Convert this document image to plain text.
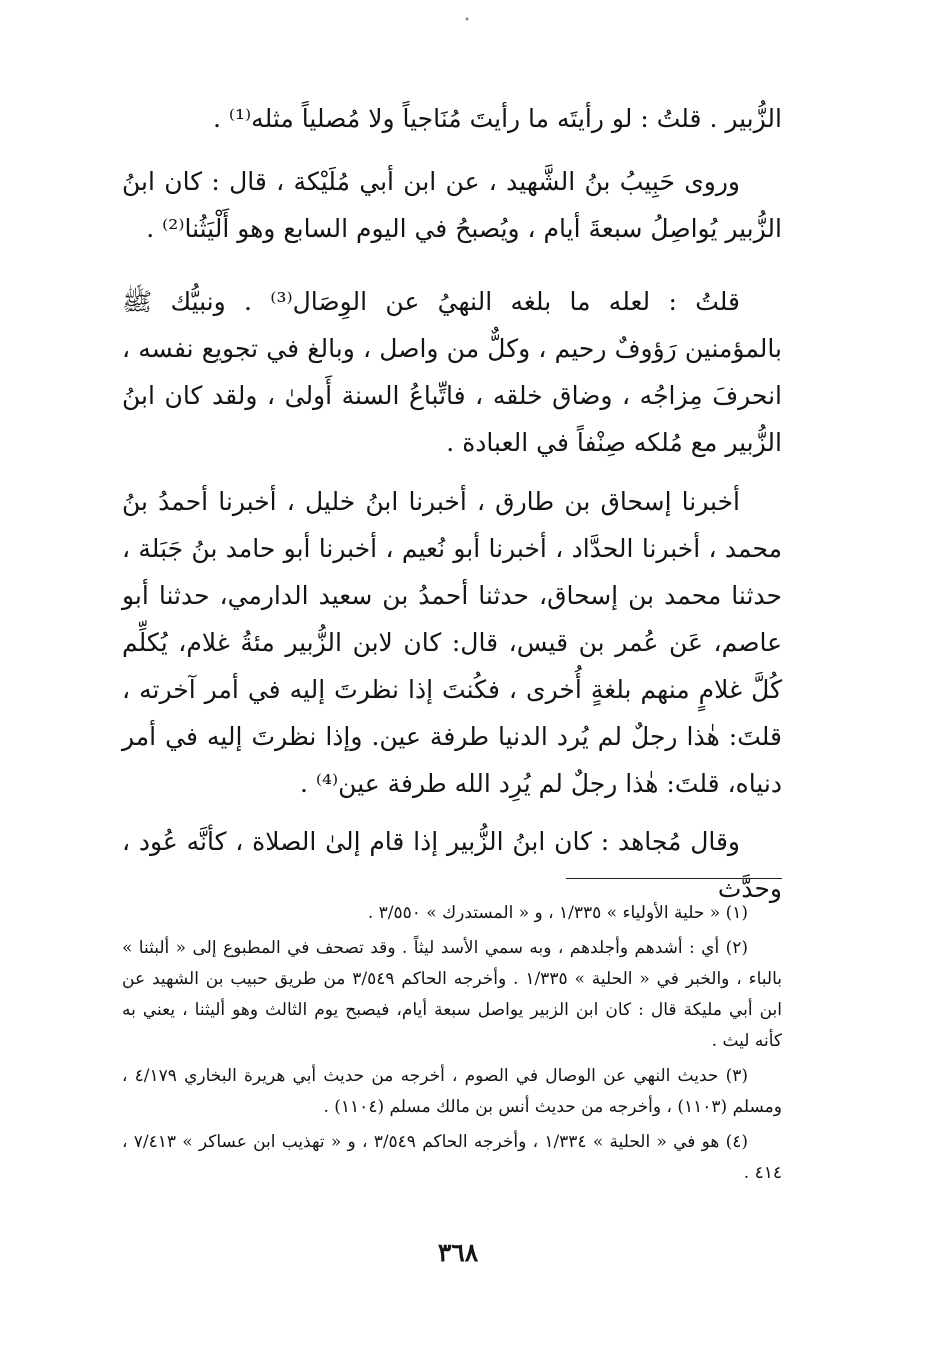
الزُّبير . قلتُ : لو رأيتَه ما رأيتَ مُنَاجياً ولا مُصلياً مثله⁽¹⁾ .

وروى حَبِيبُ بنُ الشَّهيد ، عن ابن أبي مُلَيْكة ، قال : كان ابنُ الزُّبير يُواصِلُ سبعةَ أيام ، ويُصبحُ في اليوم السابع وهو أَلْيَثُنا⁽²⁾ .

قلتُ : لعله ما بلغه النهيُ عن الوِصَال⁽³⁾ . ونبيُّك ﷺ بالمؤمنين رَؤوفٌ رحيم ، وكلٌّ من واصل ، وبالغ في تجويع نفسه ، انحرفَ مِزاجُه ، وضاق خلقه ، فاتِّباعُ السنة أَولىٰ ، ولقد كان ابنُ الزُّبير مع مُلكه صِنْفاً في العبادة .

أخبرنا إسحاق بن طارق ، أخبرنا ابنُ خليل ، أخبرنا أحمدُ بنُ محمد ، أخبرنا الحدَّاد ، أخبرنا أبو نُعيم ، أخبرنا أبو حامد بنُ جَبَلة ، حدثنا محمد بن إسحاق، حدثنا أحمدُ بن سعيد الدارمي، حدثنا أبو عاصم، عَن عُمر بن قيس، قال: كان لابن الزُّبير مئةُ غلام، يُكلِّم كُلَّ غلامٍ منهم بلغةٍ أُخرى ، فكُنتَ إذا نظرتَ إليه في أمر آخرته ، قلتَ: هٰذا رجلٌ لم يُرد الدنيا طرفة عين. وإذا نظرتَ إليه في أمر دنياه، قلتَ: هٰذا رجلٌ لم يُرِد الله طرفة عين⁽⁴⁾ .

وقال مُجاهد : كان ابنُ الزُّبير إذا قام إلىٰ الصلاة ، كأنَّه عُود ، وحدَّث

(١) « حلية الأولياء » ١/٣٣٥ ، و « المستدرك » ٣/٥٥٠ .

(٢) أي : أشدهم وأجلدهم ، وبه سمي الأسد ليثاً . وقد تصحف في المطبوع إلى « ألبثنا » بالباء ، والخبر في « الحلية » ١/٣٣٥ . وأخرجه الحاكم ٣/٥٤٩ من طريق حبيب بن الشهيد عن ابن أبي مليكة قال : كان ابن الزبير يواصل سبعة أيام، فيصبح يوم الثالث وهو أليثنا ، يعني به كأنه ليث .

(٣) حديث النهي عن الوصال في الصوم ، أخرجه من حديث أبي هريرة البخاري ٤/١٧٩ ، ومسلم (١١٠٣) ، وأخرجه من حديث أنس بن مالك مسلم (١١٠٤) .

(٤) هو في « الحلية » ١/٣٣٤ ، وأخرجه الحاكم ٣/٥٤٩ ، و « تهذيب ابن عساكر » ٧/٤١٣ ، ٤١٤ .

٣٦٨
